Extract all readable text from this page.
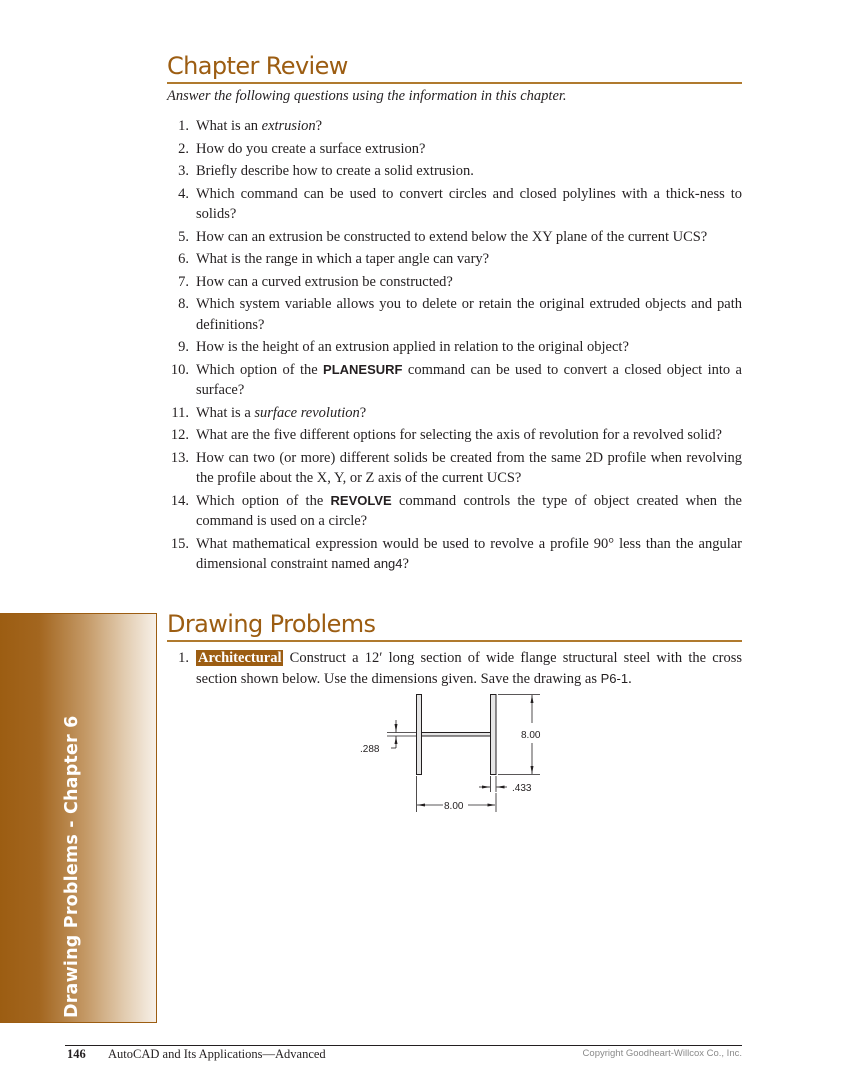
Chapter Review
Answer the following questions using the information in this chapter.
1. What is an extrusion?
2. How do you create a surface extrusion?
3. Briefly describe how to create a solid extrusion.
4. Which command can be used to convert circles and closed polylines with a thick-ness to solids?
5. How can an extrusion be constructed to extend below the XY plane of the current UCS?
6. What is the range in which a taper angle can vary?
7. How can a curved extrusion be constructed?
8. Which system variable allows you to delete or retain the original extruded objects and path definitions?
9. How is the height of an extrusion applied in relation to the original object?
10. Which option of the PLANESURF command can be used to convert a closed object into a surface?
11. What is a surface revolution?
12. What are the five different options for selecting the axis of revolution for a revolved solid?
13. How can two (or more) different solids be created from the same 2D profile when revolving the profile about the X, Y, or Z axis of the current UCS?
14. Which option of the REVOLVE command controls the type of object created when the command is used on a circle?
15. What mathematical expression would be used to revolve a profile 90° less than the angular dimensional constraint named ang4?
Drawing Problems
1. Architectural Construct a 12′ long section of wide flange structural steel with the cross section shown below. Use the dimensions given. Save the drawing as P6-1.
.288
8.00
.433
8.00
Drawing Problems - Chapter 6
146 AutoCAD and Its Applications—Advanced	Copyright Goodheart-Willcox Co., Inc.
